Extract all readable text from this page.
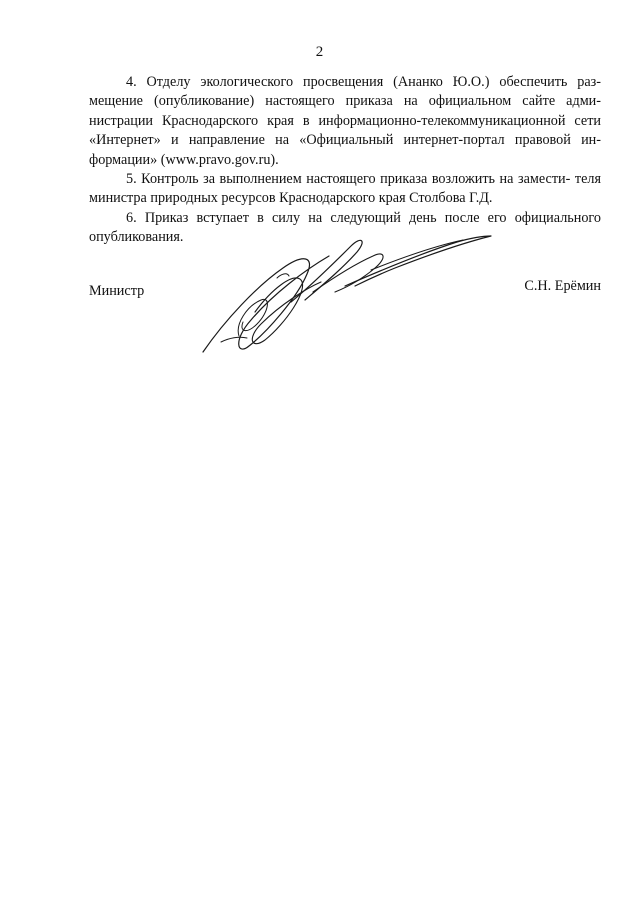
2

4. Отделу экологического просвещения (Ананко Ю.О.) обеспечить раз- мещение (опубликование) настоящего приказа на официальном сайте адми- нистрации Краснодарского края в информационно-телекоммуникационной сети «Интернет» и направление на «Официальный интернет-портал правовой ин- формации» (www.pravo.gov.ru).

5. Контроль за выполнением настоящего приказа возложить на замести- теля министра природных ресурсов Краснодарского края Столбова Г.Д.

6. Приказ вступает в силу на следующий день после его официального опубликования.

Министр	С.Н. Ерёмин
